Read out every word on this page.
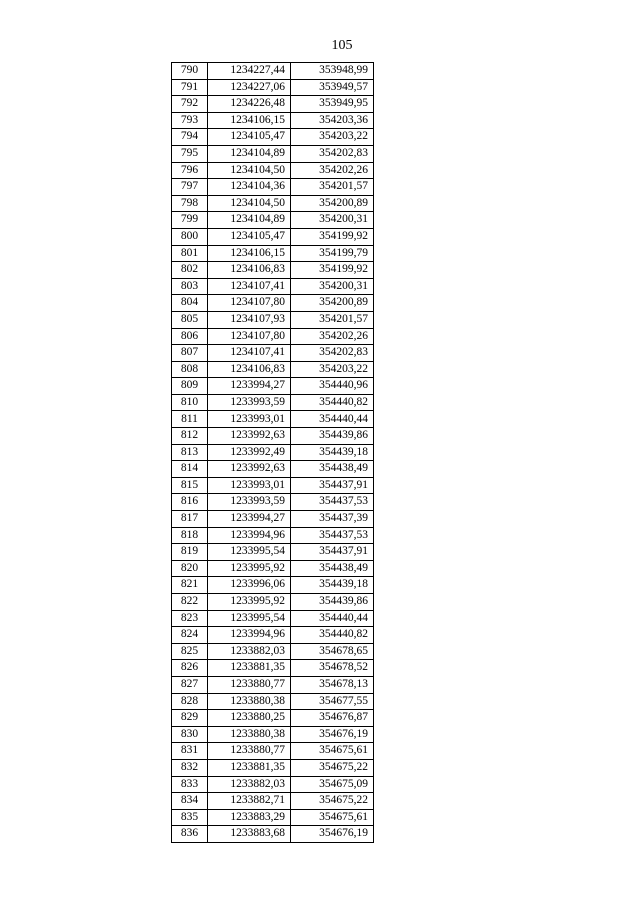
105
790	1234227,44	353948,99
791	1234227,06	353949,57
792	1234226,48	353949,95
793	1234106,15	354203,36
794	1234105,47	354203,22
795	1234104,89	354202,83
796	1234104,50	354202,26
797	1234104,36	354201,57
798	1234104,50	354200,89
799	1234104,89	354200,31
800	1234105,47	354199,92
801	1234106,15	354199,79
802	1234106,83	354199,92
803	1234107,41	354200,31
804	1234107,80	354200,89
805	1234107,93	354201,57
806	1234107,80	354202,26
807	1234107,41	354202,83
808	1234106,83	354203,22
809	1233994,27	354440,96
810	1233993,59	354440,82
811	1233993,01	354440,44
812	1233992,63	354439,86
813	1233992,49	354439,18
814	1233992,63	354438,49
815	1233993,01	354437,91
816	1233993,59	354437,53
817	1233994,27	354437,39
818	1233994,96	354437,53
819	1233995,54	354437,91
820	1233995,92	354438,49
821	1233996,06	354439,18
822	1233995,92	354439,86
823	1233995,54	354440,44
824	1233994,96	354440,82
825	1233882,03	354678,65
826	1233881,35	354678,52
827	1233880,77	354678,13
828	1233880,38	354677,55
829	1233880,25	354676,87
830	1233880,38	354676,19
831	1233880,77	354675,61
832	1233881,35	354675,22
833	1233882,03	354675,09
834	1233882,71	354675,22
835	1233883,29	354675,61
836	1233883,68	354676,19
